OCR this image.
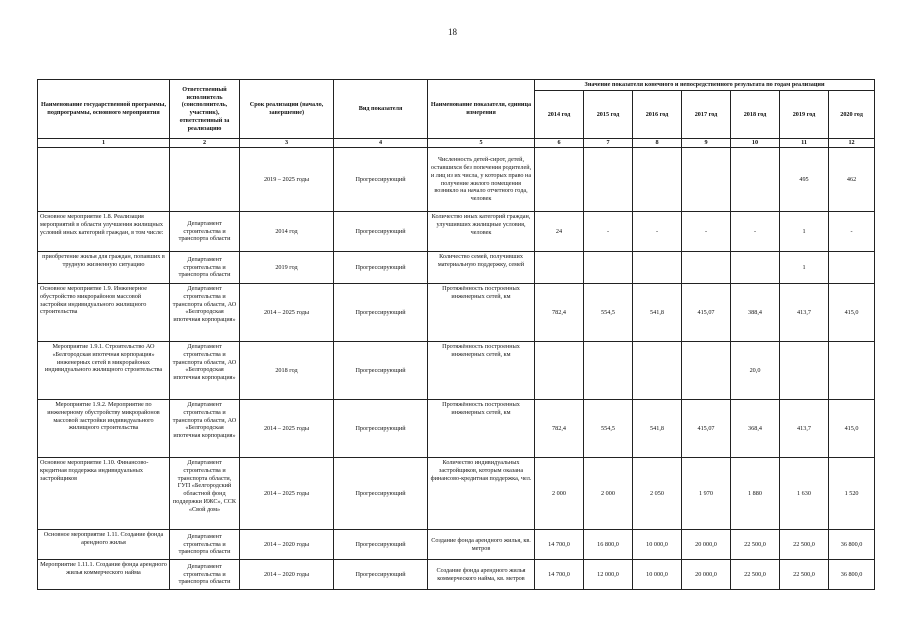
18
Наименование государственной программы, подпрограммы, основного мероприятия	Ответственный исполнитель (соисполнитель, участник), ответственный за реализацию	Срок реализации (начало, завершение)	Вид показателя	Наименование показателя, единица измерения	Значение показателя конечного и непосредственного результата по годам реализации						
					2014 год	2015 год	2016 год	2017 год	2018 год	2019 год	2020 год
1	2	3	4	5	6	7	8	9	10	11	12
		2019 – 2025 годы	Прогрессирующий	Численность детей-сирот, детей, оставшихся без попечения родителей, и лиц из их числа, у которых право на получение жилого помещения возникло на начало отчетного года, человек						495	462
Основное мероприятие 1.8. Реализация мероприятий в области улучшения жилищных условий иных категорий граждан, в том числе:	Департамент строительства и транспорта области	2014 год	Прогрессирующий	Количество иных категорий граждан, улучшивших жилищные условия, человек	24	-	-	-	-	1	-
приобретение жилья для граждан, попавших в трудную жизненную ситуацию	Департамент строительства и транспорта области	2019 год	Прогрессирующий	Количество семей, получивших материальную поддержку, семей						1	
Основное мероприятие 1.9. Инженерное обустройство микрорайонов массовой застройки индивидуального жилищного строительства	Департамент строительства и транспорта области, АО «Белгородская ипотечная корпорация»	2014 – 2025 годы	Прогрессирующий	Протяжённость построенных инженерных сетей, км	782,4	554,5	541,8	415,07	388,4	413,7	415,0
Мероприятие 1.9.1. Строительство АО «Белгородская ипотечная корпорация» инженерных сетей в микрорайонах индивидуального жилищного строительства	Департамент строительства и транспорта области, АО «Белгородская ипотечная корпорация»	2018 год	Прогрессирующий	Протяжённость построенных инженерных сетей, км					20,0		
Мероприятие 1.9.2. Мероприятие по инженерному обустройству микрорайонов массовой застройки индивидуального жилищного строительства	Департамент строительства и транспорта области, АО «Белгородская ипотечная корпорация»	2014 – 2025 годы	Прогрессирующий	Протяжённость построенных инженерных сетей, км	782,4	554,5	541,8	415,07	368,4	413,7	415,0
Основное мероприятие 1.10. Финансово-кредитная поддержка индивидуальных застройщиков	Департамент строительства и транспорта области, ГУП «Белгородский областной фонд поддержки ИЖС», ССК «Свой дом»	2014 – 2025 годы	Прогрессирующий	Количество индивидуальных застройщиков, которым оказана финансово-кредитная поддержка, чел.	2 000	2 000	2 050	1 970	1 880	1 630	1 520
Основное мероприятие 1.11. Создание фонда арендного жилья	Департамент строительства и транспорта области	2014 – 2020 годы	Прогрессирующий	Создание фонда арендного жилья, кв. метров	14 700,0	16 800,0	10 000,0	20 000,0	22 500,0	22 500,0	36 800,0
Мероприятие 1.11.1. Создание фонда арендного жилья коммерческого найма	Департамент строительства и транспорта области	2014 – 2020 годы	Прогрессирующий	Создание фонда арендного жилья коммерческого найма, кв. метров	14 700,0	12 000,0	10 000,0	20 000,0	22 500,0	22 500,0	36 800,0
